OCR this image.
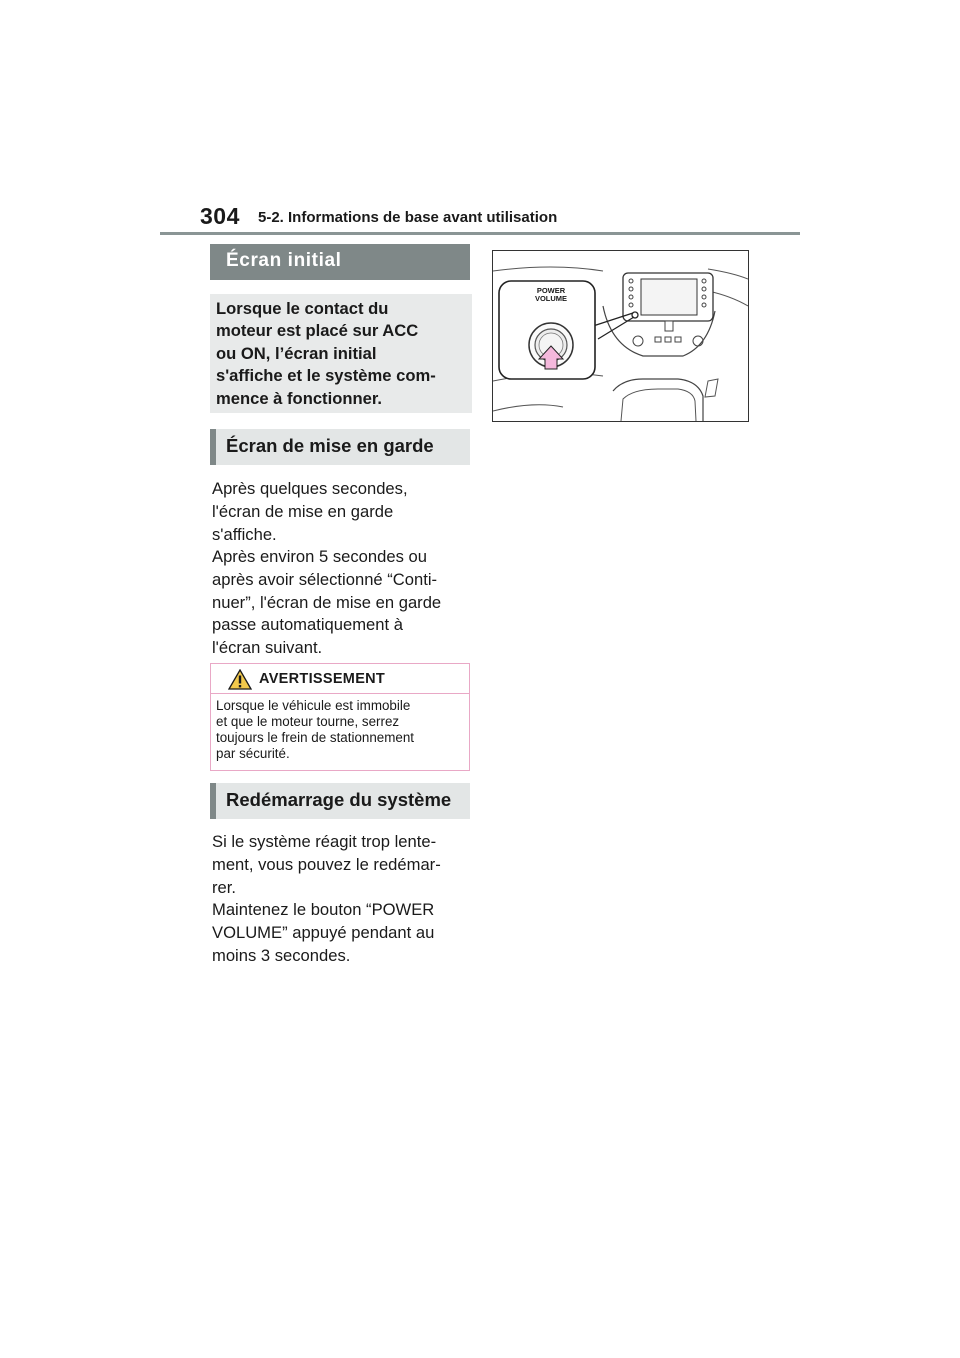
304 5-2. Informations de base avant utilisation
Écran initial
Lorsque le contact du
moteur est placé sur ACC
ou ON, l’écran initial
s'affiche et le système com-
mence à fonctionner.
Écran de mise en garde
Après quelques secondes,
l'écran de mise en garde
s'affiche.
Après environ 5 secondes ou
après avoir sélectionné “Conti-
nuer”, l'écran de mise en garde
passe automatiquement à
l'écran suivant.
AVERTISSEMENT
Lorsque le véhicule est immobile
et que le moteur tourne, serrez
toujours le frein de stationnement
par sécurité.
Redémarrage du système
Si le système réagit trop lente-
ment, vous pouvez le redémar-
rer.
Maintenez le bouton “POWER
VOLUME” appuyé pendant au
moins 3 secondes.
POWER
VOLUME
